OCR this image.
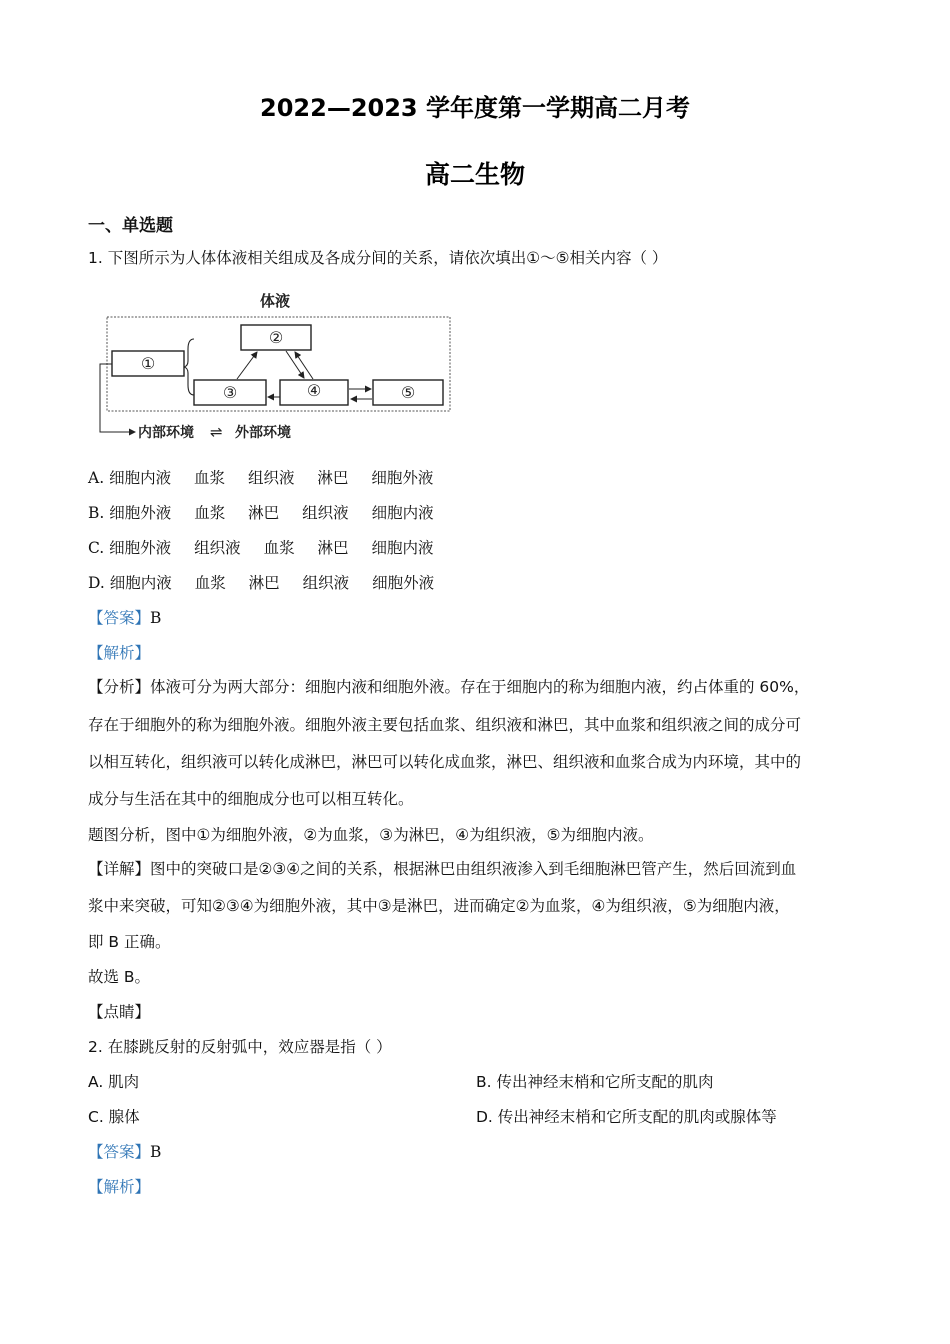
2022—2023 学年度第一学期高二月考
高二生物
一、单选题
1. 下图所示为人体体液相关组成及各成分间的关系，请依次填出①～⑤相关内容（ ）
体液
①
②
③	④	⑤
内部环境 ⇌ 外部环境
A. 细胞内液 血浆 组织液 淋巴 细胞外液
B. 细胞外液 血浆 淋巴 组织液 细胞内液
C. 细胞外液 组织液 血浆 淋巴 细胞内液
D. 细胞内液 血浆 淋巴 组织液 细胞外液
【答案】B
【解析】
【分析】体液可分为两大部分：细胞内液和细胞外液。存在于细胞内的称为细胞内液，约占体重的 60%，
存在于细胞外的称为细胞外液。细胞外液主要包括血浆、组织液和淋巴，其中血浆和组织液之间的成分可
以相互转化，组织液可以转化成淋巴，淋巴可以转化成血浆，淋巴、组织液和血浆合成为内环境，其中的
成分与生活在其中的细胞成分也可以相互转化。
题图分析，图中①为细胞外液，②为血浆，③为淋巴，④为组织液，⑤为细胞内液。
【详解】图中的突破口是②③④之间的关系，根据淋巴由组织液渗入到毛细胞淋巴管产生，然后回流到血
浆中来突破，可知②③④为细胞外液，其中③是淋巴，进而确定②为血浆，④为组织液，⑤为细胞内液，
即 B 正确。
故选 B。
【点睛】
2. 在膝跳反射的反射弧中，效应器是指（ ）
A. 肌肉	B. 传出神经末梢和它所支配的肌肉
C. 腺体	D. 传出神经末梢和它所支配的肌肉或腺体等
【答案】B
【解析】
